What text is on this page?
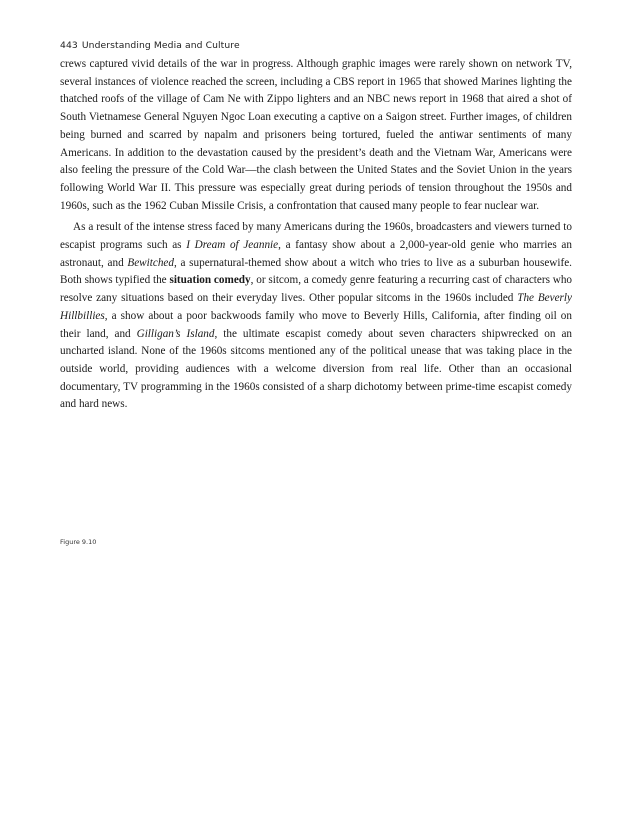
443 Understanding Media and Culture

crews captured vivid details of the war in progress. Although graphic images were rarely shown on network TV, several instances of violence reached the screen, including a CBS report in 1965 that showed Marines lighting the thatched roofs of the village of Cam Ne with Zippo lighters and an NBC news report in 1968 that aired a shot of South Vietnamese General Nguyen Ngoc Loan executing a captive on a Saigon street. Further images, of children being burned and scarred by napalm and prisoners being tortured, fueled the antiwar sentiments of many Americans. In addition to the devastation caused by the president’s death and the Vietnam War, Americans were also feeling the pressure of the Cold War—the clash between the United States and the Soviet Union in the years following World War II. This pressure was especially great during periods of tension throughout the 1950s and 1960s, such as the 1962 Cuban Missile Crisis, a confrontation that caused many people to fear nuclear war.

As a result of the intense stress faced by many Americans during the 1960s, broadcasters and viewers turned to escapist programs such as I Dream of Jeannie, a fantasy show about a 2,000-year-old genie who marries an astronaut, and Bewitched, a supernatural-themed show about a witch who tries to live as a suburban housewife. Both shows typified the situation comedy, or sitcom, a comedy genre featuring a recurring cast of characters who resolve zany situations based on their everyday lives. Other popular sitcoms in the 1960s included The Beverly Hillbillies, a show about a poor backwoods family who move to Beverly Hills, California, after finding oil on their land, and Gilligan’s Island, the ultimate escapist comedy about seven characters shipwrecked on an uncharted island. None of the 1960s sitcoms mentioned any of the political unease that was taking place in the outside world, providing audiences with a welcome diversion from real life. Other than an occasional documentary, TV programming in the 1960s consisted of a sharp dichotomy between prime-time escapist comedy and hard news.

Figure 9.10
